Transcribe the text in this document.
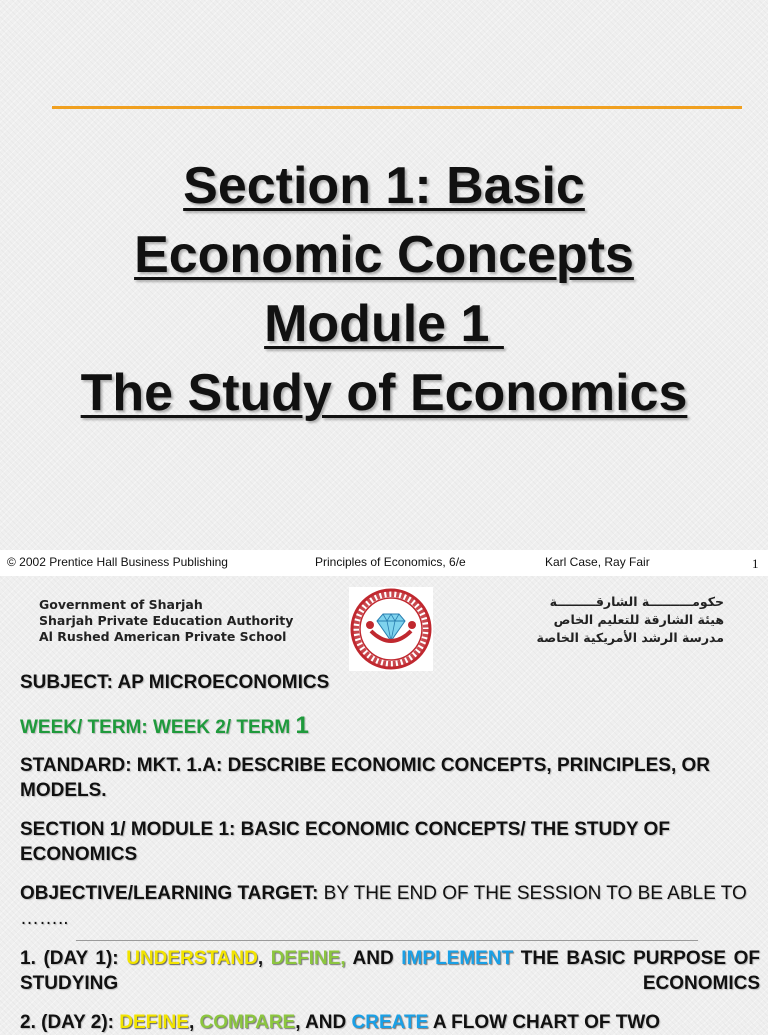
Section 1: Basic
Economic Concepts
Module 1
The Study of Economics
© 2002 Prentice Hall Business Publishing	Principles of Economics, 6/e	Karl Case, Ray Fair	1
Government of Sharjah
Sharjah Private Education Authority
Al Rushed American Private School
حكومــــــــــة الشارقـــــــــة
هيئة الشارقة للتعليم الخاص
مدرسة الرشد الأمريكية الخاصة
SUBJECT: AP MICROECONOMICS
WEEK/ TERM: WEEK 2/ TERM 1
STANDARD: MKT. 1.A: DESCRIBE ECONOMIC CONCEPTS, PRINCIPLES, OR MODELS.
SECTION 1/ MODULE 1: BASIC ECONOMIC CONCEPTS/ THE STUDY OF ECONOMICS
OBJECTIVE/LEARNING TARGET: BY THE END OF THE SESSION TO BE ABLE TO ……..
1. (DAY 1): UNDERSTAND, DEFINE, AND IMPLEMENT THE BASIC PURPOSE OF STUDYING ECONOMICS
2. (DAY 2): DEFINE, COMPARE, AND CREATE A FLOW CHART OF TWO
